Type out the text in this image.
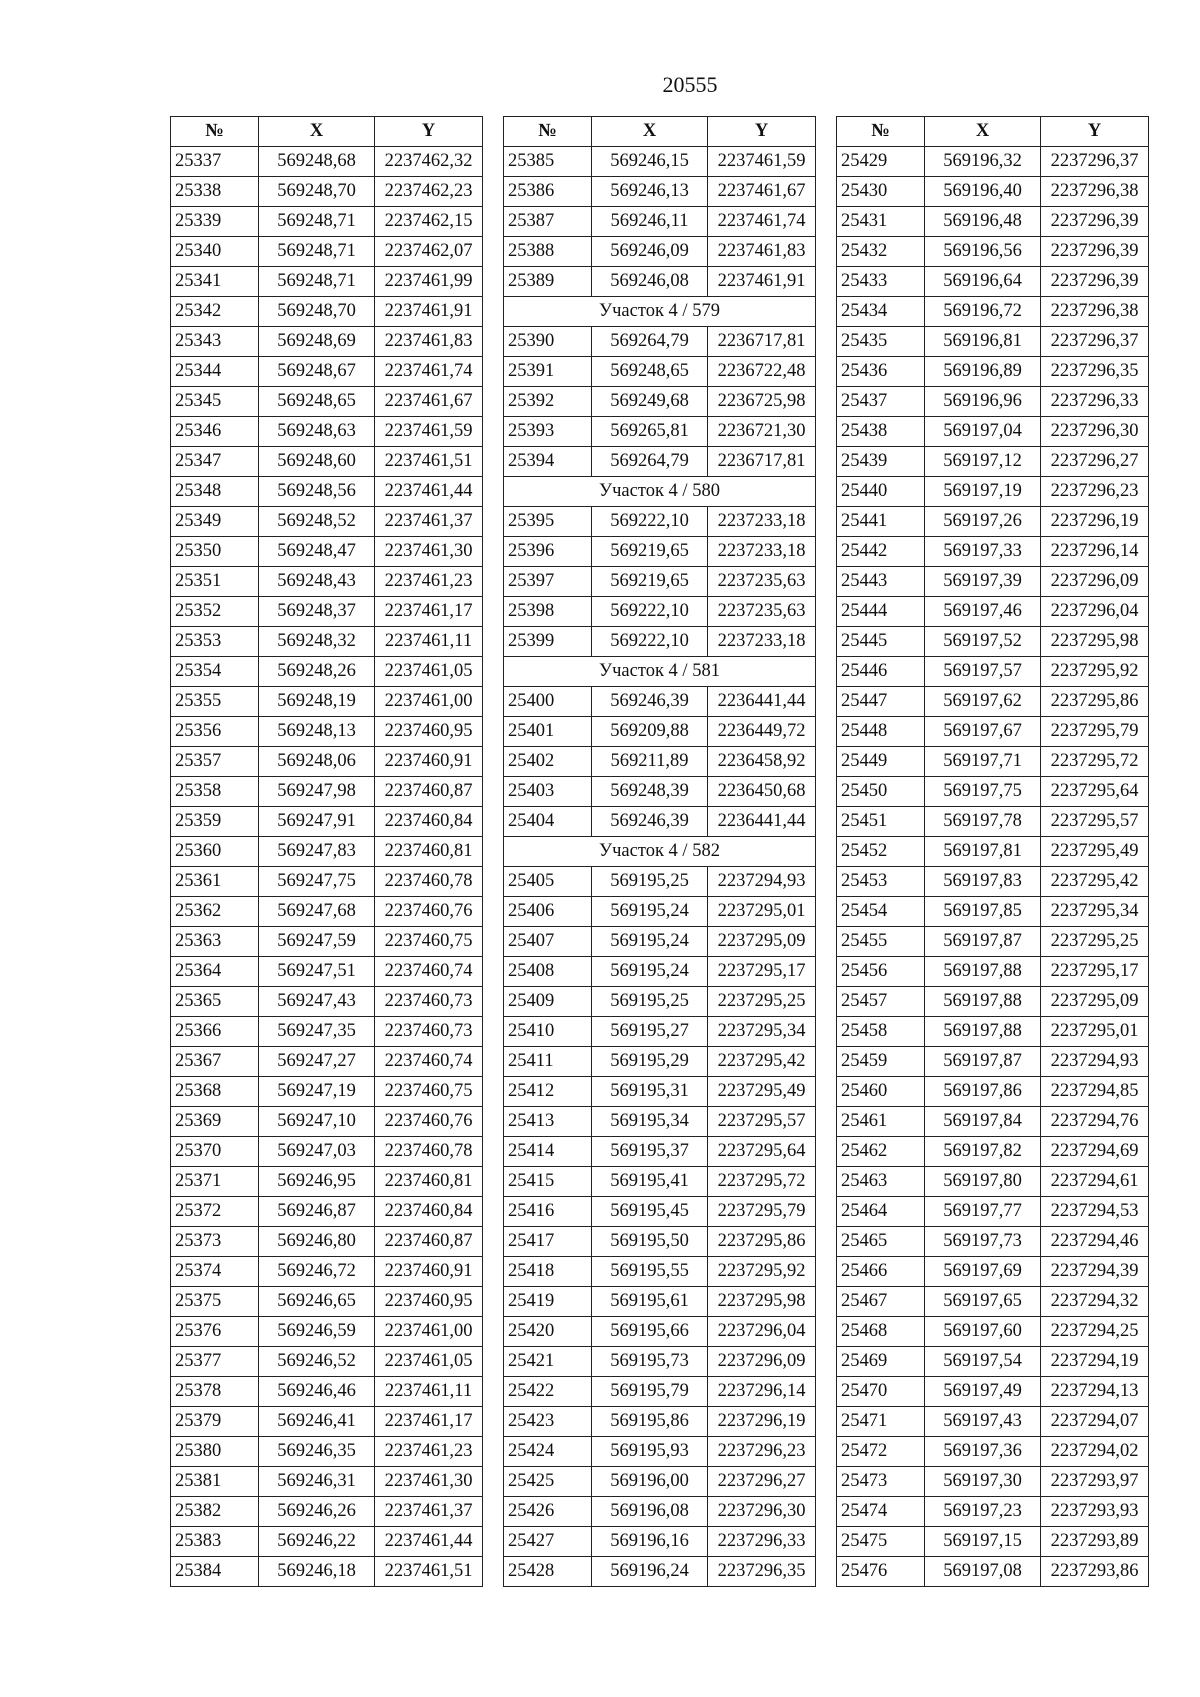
20555
№	X	Y
25337	569248,68	2237462,32
25338	569248,70	2237462,23
25339	569248,71	2237462,15
25340	569248,71	2237462,07
25341	569248,71	2237461,99
25342	569248,70	2237461,91
25343	569248,69	2237461,83
25344	569248,67	2237461,74
25345	569248,65	2237461,67
25346	569248,63	2237461,59
25347	569248,60	2237461,51
25348	569248,56	2237461,44
25349	569248,52	2237461,37
25350	569248,47	2237461,30
25351	569248,43	2237461,23
25352	569248,37	2237461,17
25353	569248,32	2237461,11
25354	569248,26	2237461,05
25355	569248,19	2237461,00
25356	569248,13	2237460,95
25357	569248,06	2237460,91
25358	569247,98	2237460,87
25359	569247,91	2237460,84
25360	569247,83	2237460,81
25361	569247,75	2237460,78
25362	569247,68	2237460,76
25363	569247,59	2237460,75
25364	569247,51	2237460,74
25365	569247,43	2237460,73
25366	569247,35	2237460,73
25367	569247,27	2237460,74
25368	569247,19	2237460,75
25369	569247,10	2237460,76
25370	569247,03	2237460,78
25371	569246,95	2237460,81
25372	569246,87	2237460,84
25373	569246,80	2237460,87
25374	569246,72	2237460,91
25375	569246,65	2237460,95
25376	569246,59	2237461,00
25377	569246,52	2237461,05
25378	569246,46	2237461,11
25379	569246,41	2237461,17
25380	569246,35	2237461,23
25381	569246,31	2237461,30
25382	569246,26	2237461,37
25383	569246,22	2237461,44
25384	569246,18	2237461,51
№	X	Y
25385	569246,15	2237461,59
25386	569246,13	2237461,67
25387	569246,11	2237461,74
25388	569246,09	2237461,83
25389	569246,08	2237461,91
Участок 4 / 579		
25390	569264,79	2236717,81
25391	569248,65	2236722,48
25392	569249,68	2236725,98
25393	569265,81	2236721,30
25394	569264,79	2236717,81
Участок 4 / 580		
25395	569222,10	2237233,18
25396	569219,65	2237233,18
25397	569219,65	2237235,63
25398	569222,10	2237235,63
25399	569222,10	2237233,18
Участок 4 / 581		
25400	569246,39	2236441,44
25401	569209,88	2236449,72
25402	569211,89	2236458,92
25403	569248,39	2236450,68
25404	569246,39	2236441,44
Участок 4 / 582		
25405	569195,25	2237294,93
25406	569195,24	2237295,01
25407	569195,24	2237295,09
25408	569195,24	2237295,17
25409	569195,25	2237295,25
25410	569195,27	2237295,34
25411	569195,29	2237295,42
25412	569195,31	2237295,49
25413	569195,34	2237295,57
25414	569195,37	2237295,64
25415	569195,41	2237295,72
25416	569195,45	2237295,79
25417	569195,50	2237295,86
25418	569195,55	2237295,92
25419	569195,61	2237295,98
25420	569195,66	2237296,04
25421	569195,73	2237296,09
25422	569195,79	2237296,14
25423	569195,86	2237296,19
25424	569195,93	2237296,23
25425	569196,00	2237296,27
25426	569196,08	2237296,30
25427	569196,16	2237296,33
25428	569196,24	2237296,35
№	X	Y
25429	569196,32	2237296,37
25430	569196,40	2237296,38
25431	569196,48	2237296,39
25432	569196,56	2237296,39
25433	569196,64	2237296,39
25434	569196,72	2237296,38
25435	569196,81	2237296,37
25436	569196,89	2237296,35
25437	569196,96	2237296,33
25438	569197,04	2237296,30
25439	569197,12	2237296,27
25440	569197,19	2237296,23
25441	569197,26	2237296,19
25442	569197,33	2237296,14
25443	569197,39	2237296,09
25444	569197,46	2237296,04
25445	569197,52	2237295,98
25446	569197,57	2237295,92
25447	569197,62	2237295,86
25448	569197,67	2237295,79
25449	569197,71	2237295,72
25450	569197,75	2237295,64
25451	569197,78	2237295,57
25452	569197,81	2237295,49
25453	569197,83	2237295,42
25454	569197,85	2237295,34
25455	569197,87	2237295,25
25456	569197,88	2237295,17
25457	569197,88	2237295,09
25458	569197,88	2237295,01
25459	569197,87	2237294,93
25460	569197,86	2237294,85
25461	569197,84	2237294,76
25462	569197,82	2237294,69
25463	569197,80	2237294,61
25464	569197,77	2237294,53
25465	569197,73	2237294,46
25466	569197,69	2237294,39
25467	569197,65	2237294,32
25468	569197,60	2237294,25
25469	569197,54	2237294,19
25470	569197,49	2237294,13
25471	569197,43	2237294,07
25472	569197,36	2237294,02
25473	569197,30	2237293,97
25474	569197,23	2237293,93
25475	569197,15	2237293,89
25476	569197,08	2237293,86
